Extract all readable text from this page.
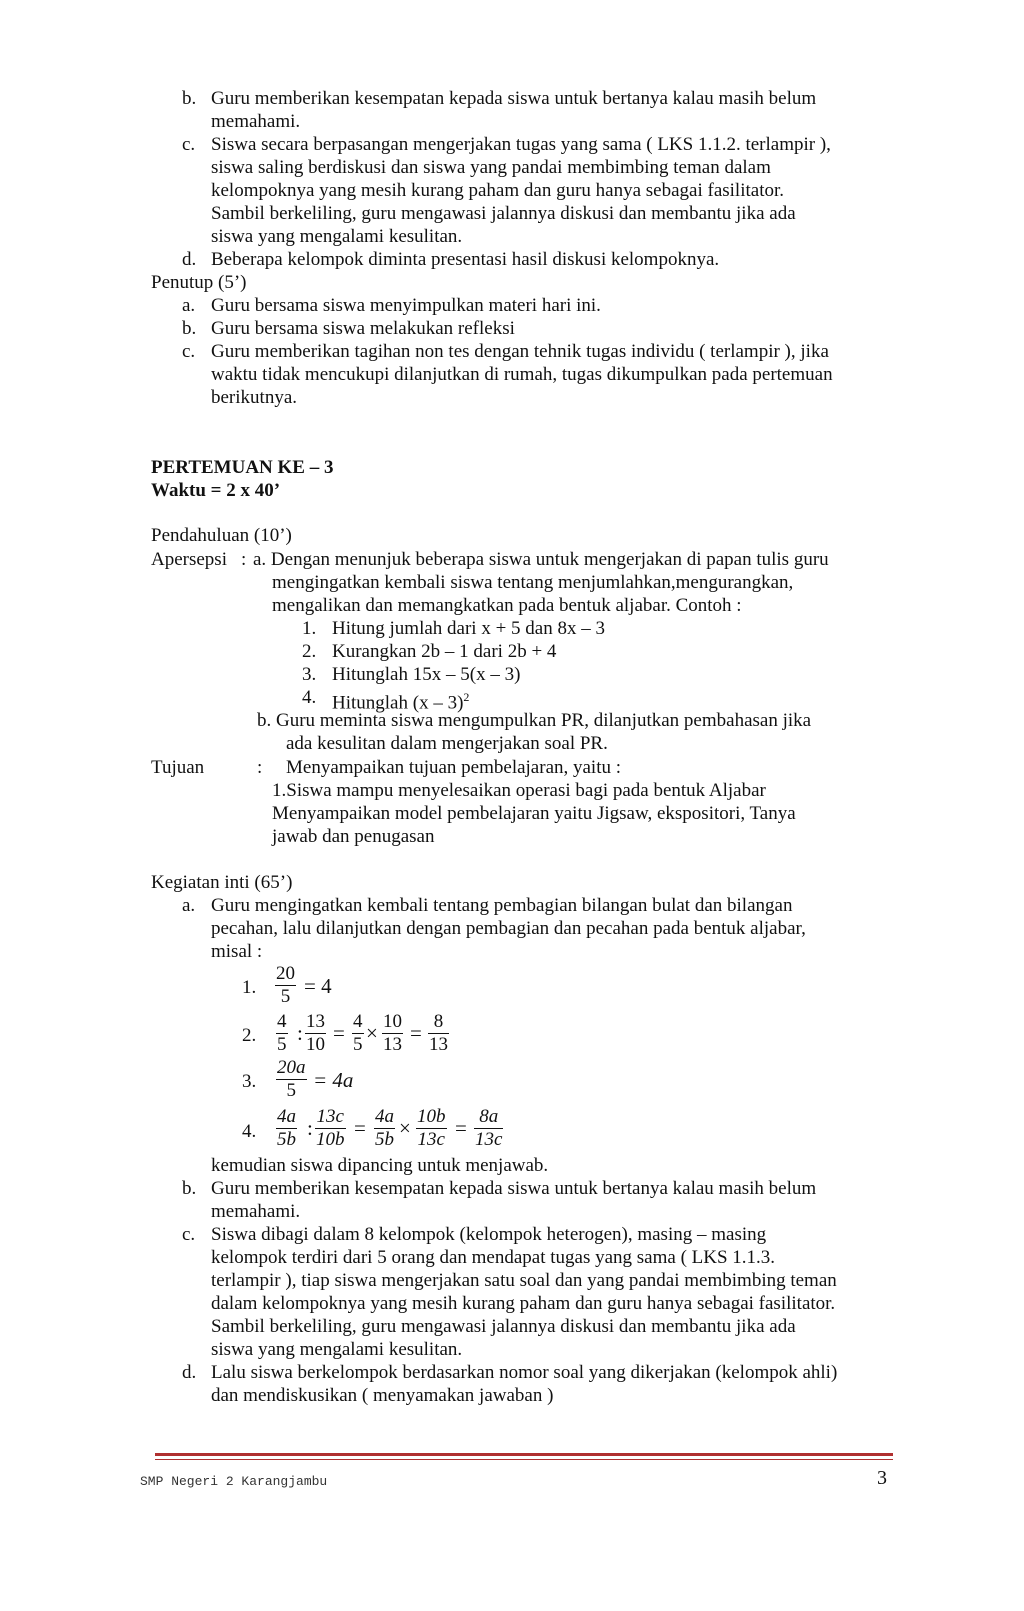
b. Guru memberikan kesempatan kepada siswa untuk bertanya kalau masih belum
memahami.
c. Siswa secara berpasangan mengerjakan tugas yang sama ( LKS 1.1.2. terlampir ),
siswa saling berdiskusi dan siswa yang pandai membimbing teman dalam
kelompoknya yang mesih kurang paham dan guru hanya sebagai fasilitator.
Sambil berkeliling, guru mengawasi jalannya diskusi dan membantu jika ada
siswa yang mengalami kesulitan.
d. Beberapa kelompok diminta presentasi hasil diskusi kelompoknya.
Penutup (5’)
a. Guru bersama siswa menyimpulkan materi hari ini.
b. Guru bersama siswa melakukan refleksi
c. Guru memberikan tagihan non tes dengan tehnik tugas individu ( terlampir ), jika
waktu tidak mencukupi dilanjutkan di rumah, tugas dikumpulkan pada pertemuan
berikutnya.
PERTEMUAN KE – 3
Waktu = 2 x 40’
Pendahuluan (10’)
Apersepsi : a. Dengan menunjuk beberapa siswa untuk mengerjakan di papan tulis guru
mengingatkan kembali siswa tentang menjumlahkan,mengurangkan,
mengalikan dan memangkatkan pada bentuk aljabar. Contoh :
1. Hitung jumlah dari x + 5 dan 8x – 3
2. Kurangkan 2b – 1 dari 2b + 4
3. Hitunglah 15x – 5(x – 3)
4. Hitunglah (x – 3)$^2$
b. Guru meminta siswa mengumpulkan PR, dilanjutkan pembahasan jika
ada kesulitan dalam mengerjakan soal PR.
Tujuan	: Menyampaikan tujuan pembelajaran, yaitu :
1.Siswa mampu menyelesaikan operasi bagi pada bentuk Aljabar
Menyampaikan model pembelajaran yaitu Jigsaw, ekspositori, Tanya
jawab dan penugasan
Kegiatan inti (65’)
a. Guru mengingatkan kembali tentang pembagian bilangan bulat dan bilangan
pecahan, lalu dilanjutkan dengan pembagian dan pecahan pada bentuk aljabar,
misal :
1.
20
5 = 4
2.
4
5 : 13
10 = 4
5 × 10
13 = 8
13
3.
20a
5 = 4a
4.
4a
5b : 13c
10b = 4a
5b × 10b
13c = 8a
13c
kemudian siswa dipancing untuk menjawab.
b. Guru memberikan kesempatan kepada siswa untuk bertanya kalau masih belum
memahami.
c. Siswa dibagi dalam 8 kelompok (kelompok heterogen), masing – masing
kelompok terdiri dari 5 orang dan mendapat tugas yang sama ( LKS 1.1.3.
terlampir ), tiap siswa mengerjakan satu soal dan yang pandai membimbing teman
dalam kelompoknya yang mesih kurang paham dan guru hanya sebagai fasilitator.
Sambil berkeliling, guru mengawasi jalannya diskusi dan membantu jika ada
siswa yang mengalami kesulitan.
d. Lalu siswa berkelompok berdasarkan nomor soal yang dikerjakan (kelompok ahli)
dan mendiskusikan ( menyamakan jawaban )
SMP Negeri 2 Karangjambu	3
